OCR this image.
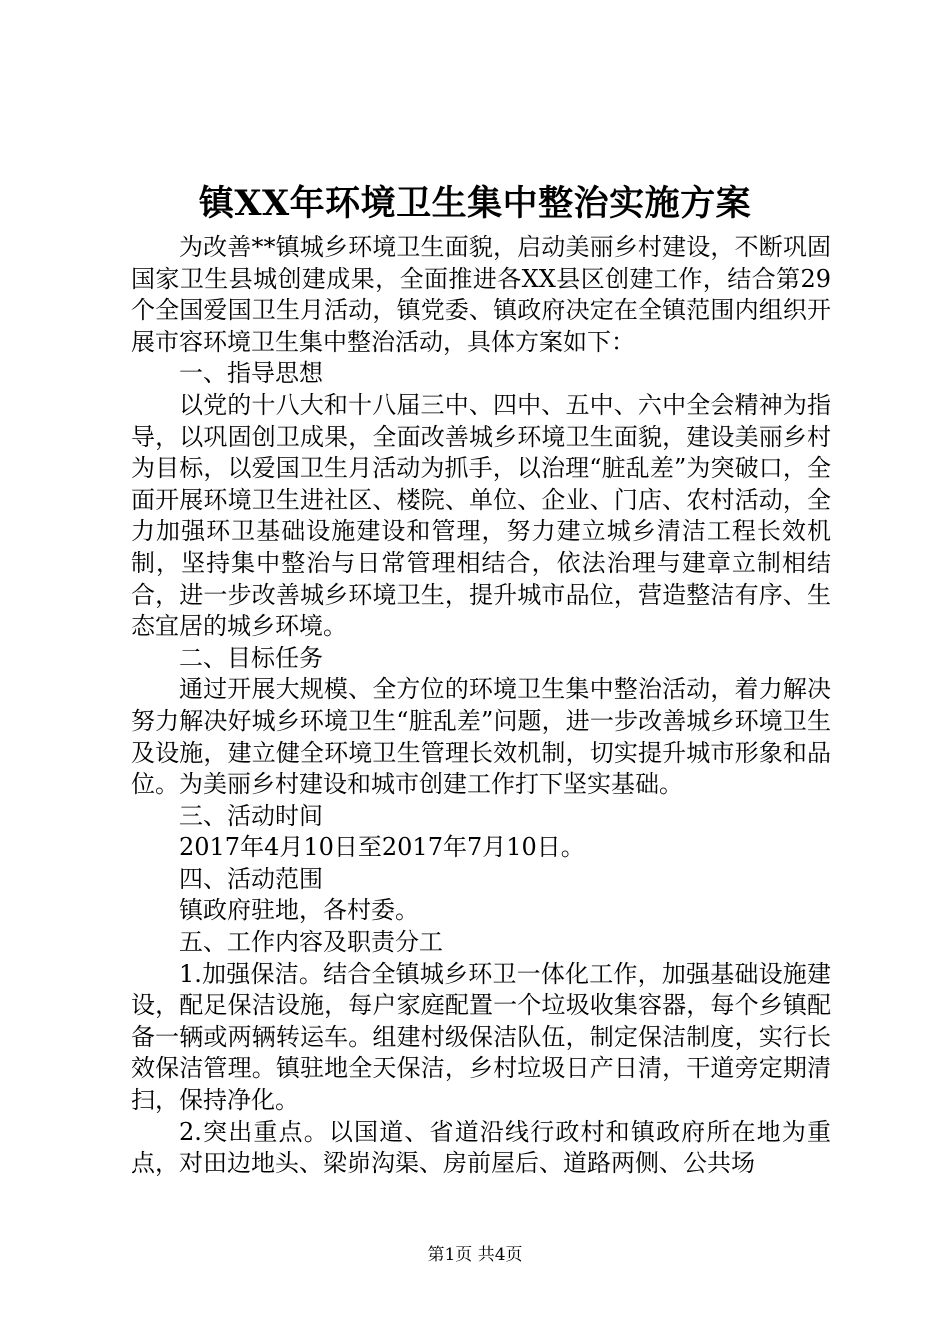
镇XX年环境卫生集中整治实施方案

为改善**镇城乡环境卫生面貌，启动美丽乡村建设，不断巩固国家卫生县城创建成果，全面推进各XX县区创建工作，结合第29个全国爱国卫生月活动，镇党委、镇政府决定在全镇范围内组织开展市容环境卫生集中整治活动，具体方案如下：

一、指导思想

以党的十八大和十八届三中、四中、五中、六中全会精神为指导，以巩固创卫成果，全面改善城乡环境卫生面貌，建设美丽乡村为目标，以爱国卫生月活动为抓手，以治理“脏乱差”为突破口，全面开展环境卫生进社区、楼院、单位、企业、门店、农村活动，全力加强环卫基础设施建设和管理，努力建立城乡清洁工程长效机制，坚持集中整治与日常管理相结合，依法治理与建章立制相结合，进一步改善城乡环境卫生，提升城市品位，营造整洁有序、生态宜居的城乡环境。

二、目标任务

通过开展大规模、全方位的环境卫生集中整治活动，着力解决努力解决好城乡环境卫生“脏乱差”问题，进一步改善城乡环境卫生及设施，建立健全环境卫生管理长效机制，切实提升城市形象和品位。为美丽乡村建设和城市创建工作打下坚实基础。

三、活动时间

2017年4月10日至2017年7月10日。

四、活动范围

镇政府驻地，各村委。

五、工作内容及职责分工

1.加强保洁。结合全镇城乡环卫一体化工作，加强基础设施建设，配足保洁设施，每户家庭配置一个垃圾收集容器，每个乡镇配备一辆或两辆转运车。组建村级保洁队伍，制定保洁制度，实行长效保洁管理。镇驻地全天保洁，乡村垃圾日产日清，干道旁定期清扫，保持净化。

2.突出重点。以国道、省道沿线行政村和镇政府所在地为重点，对田边地头、梁峁沟渠、房前屋后、道路两侧、公共场

第1页 共4页
